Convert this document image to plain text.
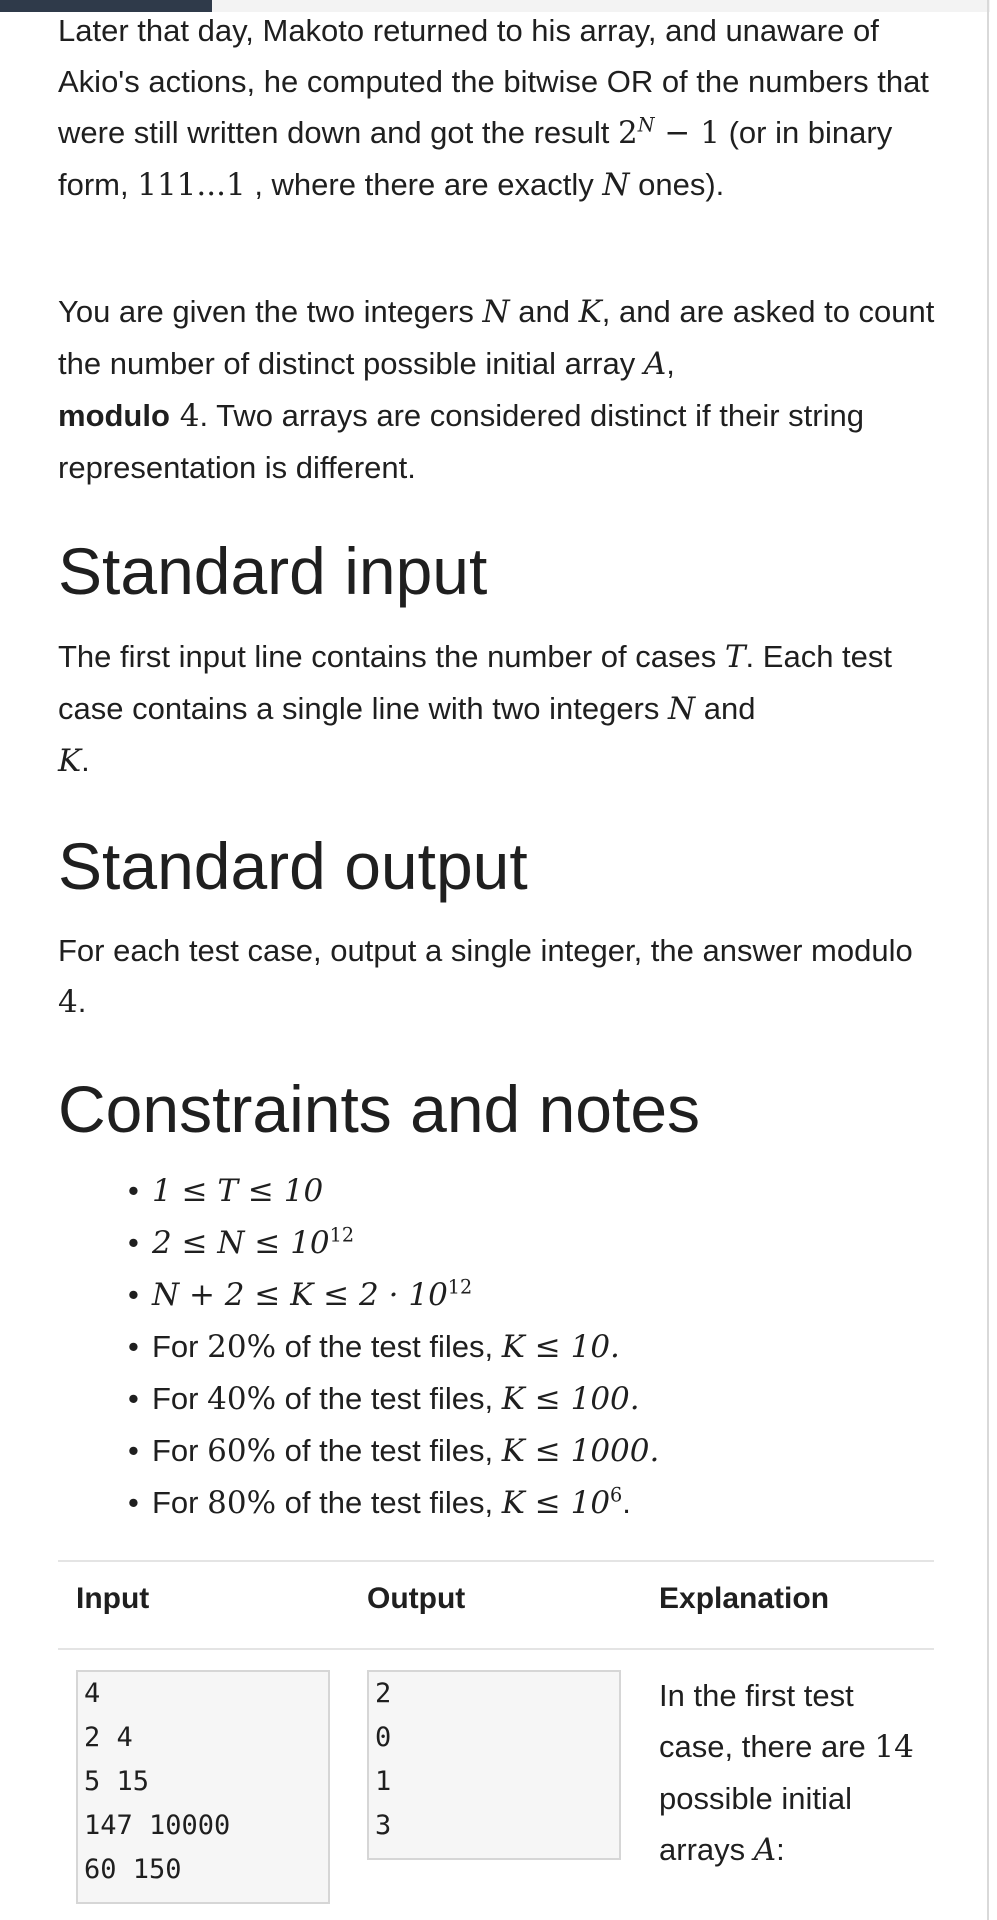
Later that day, Makoto returned to his array, and unaware of Akio's actions, he computed the bitwise OR of the numbers that were still written down and got the result $2^N - 1$ (or in binary form, 111...1 , where there are exactly N ones).

You are given the two integers N and K, and are asked to count the number of distinct possible initial array A,
modulo 4. Two arrays are considered distinct if their string representation is different.

Standard input

The first input line contains the number of cases T. Each test case contains a single line with two integers N and
K.

Standard output

For each test case, output a single integer, the answer modulo 4.

Constraints and notes
• 1 ≤ T ≤ 10
• $2 \le N \le 10^{12}$
• $N + 2 \le K \le 2 \cdot 10^{12}$
• For 20% of the test files, K ≤ 10.
• For 40% of the test files, K ≤ 100.
• For 60% of the test files, K ≤ 1000.
• For 80% of the test files, $K \le 10^6$.
Input	Output	Explanation
4
2 4
5 15
147 10000
60 150
2
0
1
3
In the first test case, there are 14 possible initial arrays A:
